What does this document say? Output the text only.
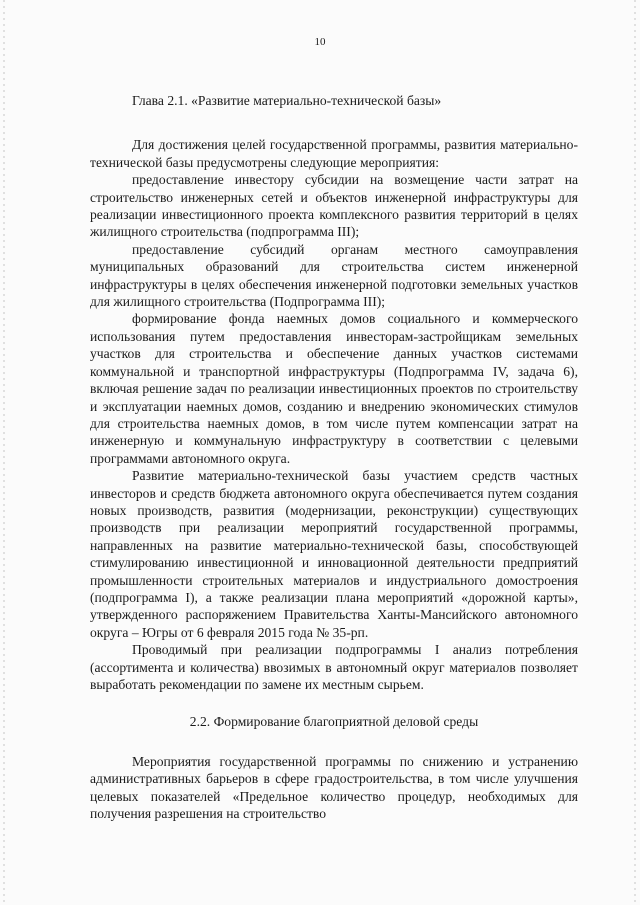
10

Глава 2.1. «Развитие материально-технической базы»

Для достижения целей государственной программы, развития материально-технической базы предусмотрены следующие мероприятия:

предоставление инвестору субсидии на возмещение части затрат на строительство инженерных сетей и объектов инженерной инфраструктуры для реализации инвестиционного проекта комплексного развития территорий в целях жилищного строительства (подпрограмма III);

предоставление субсидий органам местного самоуправления муниципальных образований для строительства систем инженерной инфраструктуры в целях обеспечения инженерной подготовки земельных участков для жилищного строительства (Подпрограмма III);

формирование фонда наемных домов социального и коммерческого использования путем предоставления инвесторам-застройщикам земельных участков для строительства и обеспечение данных участков системами коммунальной и транспортной инфраструктуры (Подпрограмма IV, задача 6), включая решение задач по реализации инвестиционных проектов по строительству и эксплуатации наемных домов, созданию и внедрению экономических стимулов для строительства наемных домов, в том числе путем компенсации затрат на инженерную и коммунальную инфраструктуру в соответствии с целевыми программами автономного округа.

Развитие материально-технической базы участием средств частных инвесторов и средств бюджета автономного округа обеспечивается путем создания новых производств, развития (модернизации, реконструкции) существующих производств при реализации мероприятий государственной программы, направленных на развитие материально-технической базы, способствующей стимулированию инвестиционной и инновационной деятельности предприятий промышленности строительных материалов и индустриального домостроения (подпрограмма I), а также реализации плана мероприятий «дорожной карты», утвержденного распоряжением Правительства Ханты-Мансийского автономного округа – Югры от 6 февраля 2015 года № 35-рп.

Проводимый при реализации подпрограммы I анализ потребления (ассортимента и количества) ввозимых в автономный округ материалов позволяет выработать рекомендации по замене их местным сырьем.

2.2. Формирование благоприятной деловой среды

Мероприятия государственной программы по снижению и устранению административных барьеров в сфере градостроительства, в том числе улучшения целевых показателей «Предельное количество процедур, необходимых для получения разрешения на строительство
